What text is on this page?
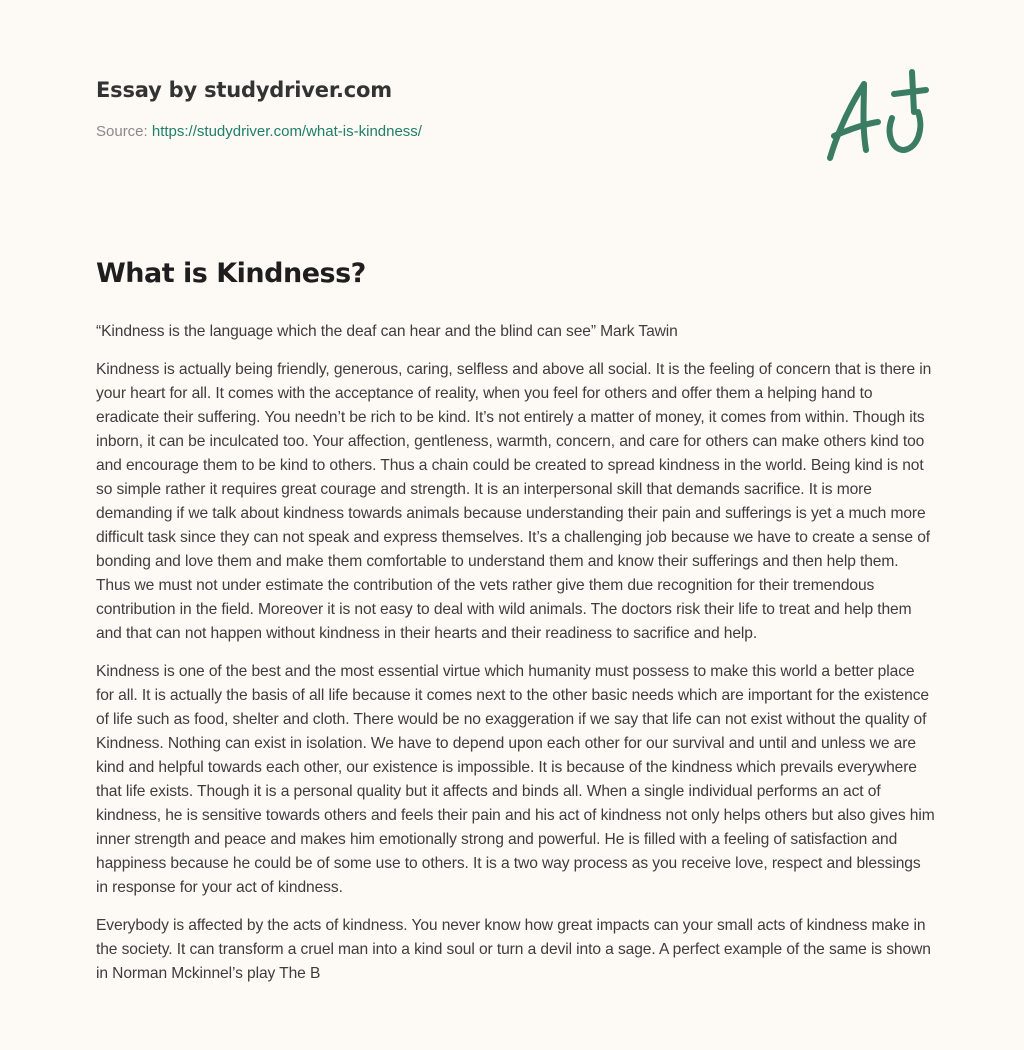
Essay by studydriver.com
Source: https://studydriver.com/what-is-kindness/
What is Kindness?

“Kindness is the language which the deaf can hear and the blind can see” Mark Tawin

Kindness is actually being friendly, generous, caring, selfless and above all social. It is the feeling of concern that is there in your heart for all. It comes with the acceptance of reality, when you feel for others and offer them a helping hand to eradicate their suffering. You needn’t be rich to be kind. It’s not entirely a matter of money, it comes from within. Though its inborn, it can be inculcated too. Your affection, gentleness, warmth, concern, and care for others can make others kind too and encourage them to be kind to others. Thus a chain could be created to spread kindness in the world. Being kind is not so simple rather it requires great courage and strength. It is an interpersonal skill that demands sacrifice. It is more demanding if we talk about kindness towards animals because understanding their pain and sufferings is yet a much more difficult task since they can not speak and express themselves. It’s a challenging job because we have to create a sense of bonding and love them and make them comfortable to understand them and know their sufferings and then help them. Thus we must not under estimate the contribution of the vets rather give them due recognition for their tremendous contribution in the field. Moreover it is not easy to deal with wild animals. The doctors risk their life to treat and help them and that can not happen without kindness in their hearts and their readiness to sacrifice and help.

Kindness is one of the best and the most essential virtue which humanity must possess to make this world a better place for all. It is actually the basis of all life because it comes next to the other basic needs which are important for the existence of life such as food, shelter and cloth. There would be no exaggeration if we say that life can not exist without the quality of Kindness. Nothing can exist in isolation. We have to depend upon each other for our survival and until and unless we are kind and helpful towards each other, our existence is impossible. It is because of the kindness which prevails everywhere that life exists. Though it is a personal quality but it affects and binds all. When a single individual performs an act of kindness, he is sensitive towards others and feels their pain and his act of kindness not only helps others but also gives him inner strength and peace and makes him emotionally strong and powerful. He is filled with a feeling of satisfaction and happiness because he could be of some use to others. It is a two way process as you receive love, respect and blessings in response for your act of kindness.

Everybody is affected by the acts of kindness. You never know how great impacts can your small acts of kindness make in the society. It can transform a cruel man into a kind soul or turn a devil into a sage. A perfect example of the same is shown in Norman Mckinnel’s play The B
